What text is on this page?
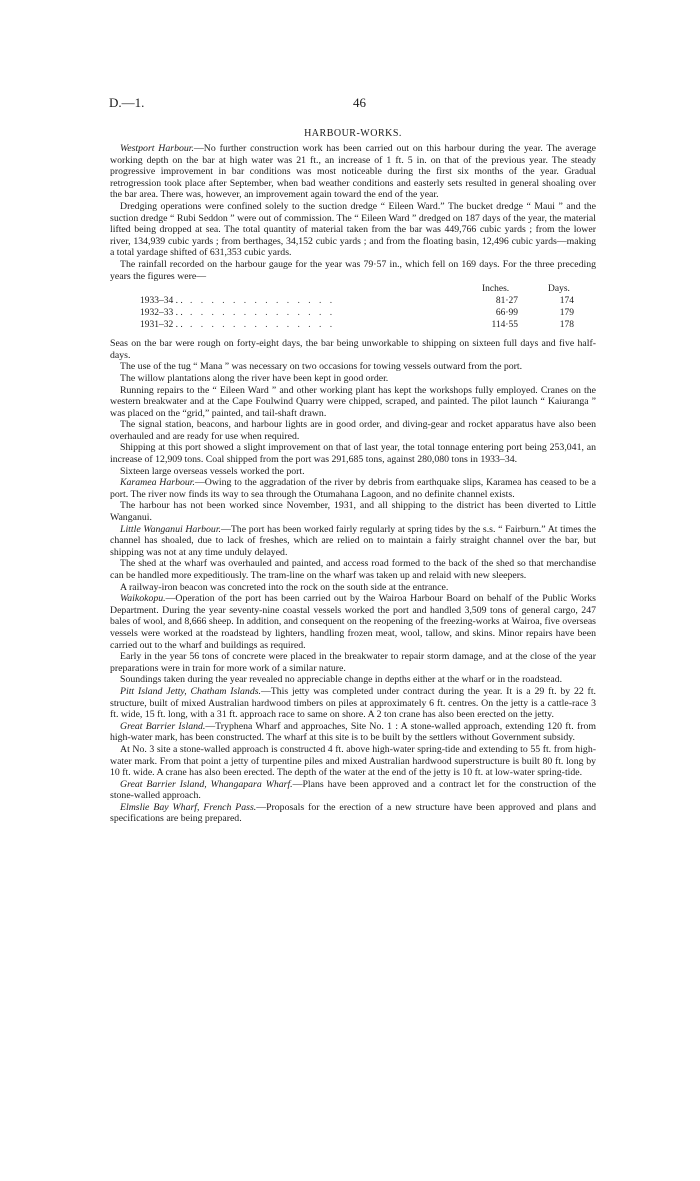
D.—1.	46
HARBOUR-WORKS.

Westport Harbour.—No further construction work has been carried out on this harbour during the year. The average working depth on the bar at high water was 21 ft., an increase of 1 ft. 5 in. on that of the previous year. The steady progressive improvement in bar conditions was most noticeable during the first six months of the year. Gradual retrogression took place after September, when bad weather conditions and easterly sets resulted in general shoaling over the bar area. There was, however, an improvement again toward the end of the year.

Dredging operations were confined solely to the suction dredge “ Eileen Ward.” The bucket dredge “ Maui ” and the suction dredge “ Rubi Seddon ” were out of commission. The “ Eileen Ward ” dredged on 187 days of the year, the material lifted being dropped at sea. The total quantity of material taken from the bar was 449,766 cubic yards ; from the lower river, 134,939 cubic yards ; from berthages, 34,152 cubic yards ; and from the floating basin, 12,496 cubic yards—making a total yardage shifted of 631,353 cubic yards.

The rainfall recorded on the harbour gauge for the year was 79·57 in., which fell on 169 days. For the three preceding years the figures were—

Inches.	Days.
1933–34 . . . . . . . . . . . . . . . .	81·27	174
1932–33 . . . . . . . . . . . . . . . .	66·99	179
1931–32 . . . . . . . . . . . . . . . .	114·55	178

Seas on the bar were rough on forty-eight days, the bar being unworkable to shipping on sixteen full days and five half-days.

The use of the tug “ Mana ” was necessary on two occasions for towing vessels outward from the port.

The willow plantations along the river have been kept in good order.

Running repairs to the “ Eileen Ward ” and other working plant has kept the workshops fully employed. Cranes on the western breakwater and at the Cape Foulwind Quarry were chipped, scraped, and painted. The pilot launch “ Kaiuranga ” was placed on the “grid,” painted, and tail-shaft drawn.

The signal station, beacons, and harbour lights are in good order, and diving-gear and rocket apparatus have also been overhauled and are ready for use when required.

Shipping at this port showed a slight improvement on that of last year, the total tonnage entering port being 253,041, an increase of 12,909 tons. Coal shipped from the port was 291,685 tons, against 280,080 tons in 1933–34.

Sixteen large overseas vessels worked the port.

Karamea Harbour.—Owing to the aggradation of the river by debris from earthquake slips, Karamea has ceased to be a port. The river now finds its way to sea through the Otumahana Lagoon, and no definite channel exists.

The harbour has not been worked since November, 1931, and all shipping to the district has been diverted to Little Wanganui.

Little Wanganui Harbour.—The port has been worked fairly regularly at spring tides by the s.s. “ Fairburn.” At times the channel has shoaled, due to lack of freshes, which are relied on to maintain a fairly straight channel over the bar, but shipping was not at any time unduly delayed.

The shed at the wharf was overhauled and painted, and access road formed to the back of the shed so that merchandise can be handled more expeditiously. The tram-line on the wharf was taken up and relaid with new sleepers.

A railway-iron beacon was concreted into the rock on the south side at the entrance.

Waikokopu.—Operation of the port has been carried out by the Wairoa Harbour Board on behalf of the Public Works Department. During the year seventy-nine coastal vessels worked the port and handled 3,509 tons of general cargo, 247 bales of wool, and 8,666 sheep. In addition, and consequent on the reopening of the freezing-works at Wairoa, five overseas vessels were worked at the roadstead by lighters, handling frozen meat, wool, tallow, and skins. Minor repairs have been carried out to the wharf and buildings as required.

Early in the year 56 tons of concrete were placed in the breakwater to repair storm damage, and at the close of the year preparations were in train for more work of a similar nature.

Soundings taken during the year revealed no appreciable change in depths either at the wharf or in the roadstead.

Pitt Island Jetty, Chatham Islands.—This jetty was completed under contract during the year. It is a 29 ft. by 22 ft. structure, built of mixed Australian hardwood timbers on piles at approximately 6 ft. centres. On the jetty is a cattle-race 3 ft. wide, 15 ft. long, with a 31 ft. approach race to same on shore. A 2 ton crane has also been erected on the jetty.

Great Barrier Island.—Tryphena Wharf and approaches, Site No. 1 : A stone-walled approach, extending 120 ft. from high-water mark, has been constructed. The wharf at this site is to be built by the settlers without Government subsidy.

At No. 3 site a stone-walled approach is constructed 4 ft. above high-water spring-tide and extending to 55 ft. from high-water mark. From that point a jetty of turpentine piles and mixed Australian hardwood superstructure is built 80 ft. long by 10 ft. wide. A crane has also been erected. The depth of the water at the end of the jetty is 10 ft. at low-water spring-tide.

Great Barrier Island, Whangapara Wharf.—Plans have been approved and a contract let for the construction of the stone-walled approach.

Elmslie Bay Wharf, French Pass.—Proposals for the erection of a new structure have been approved and plans and specifications are being prepared.
